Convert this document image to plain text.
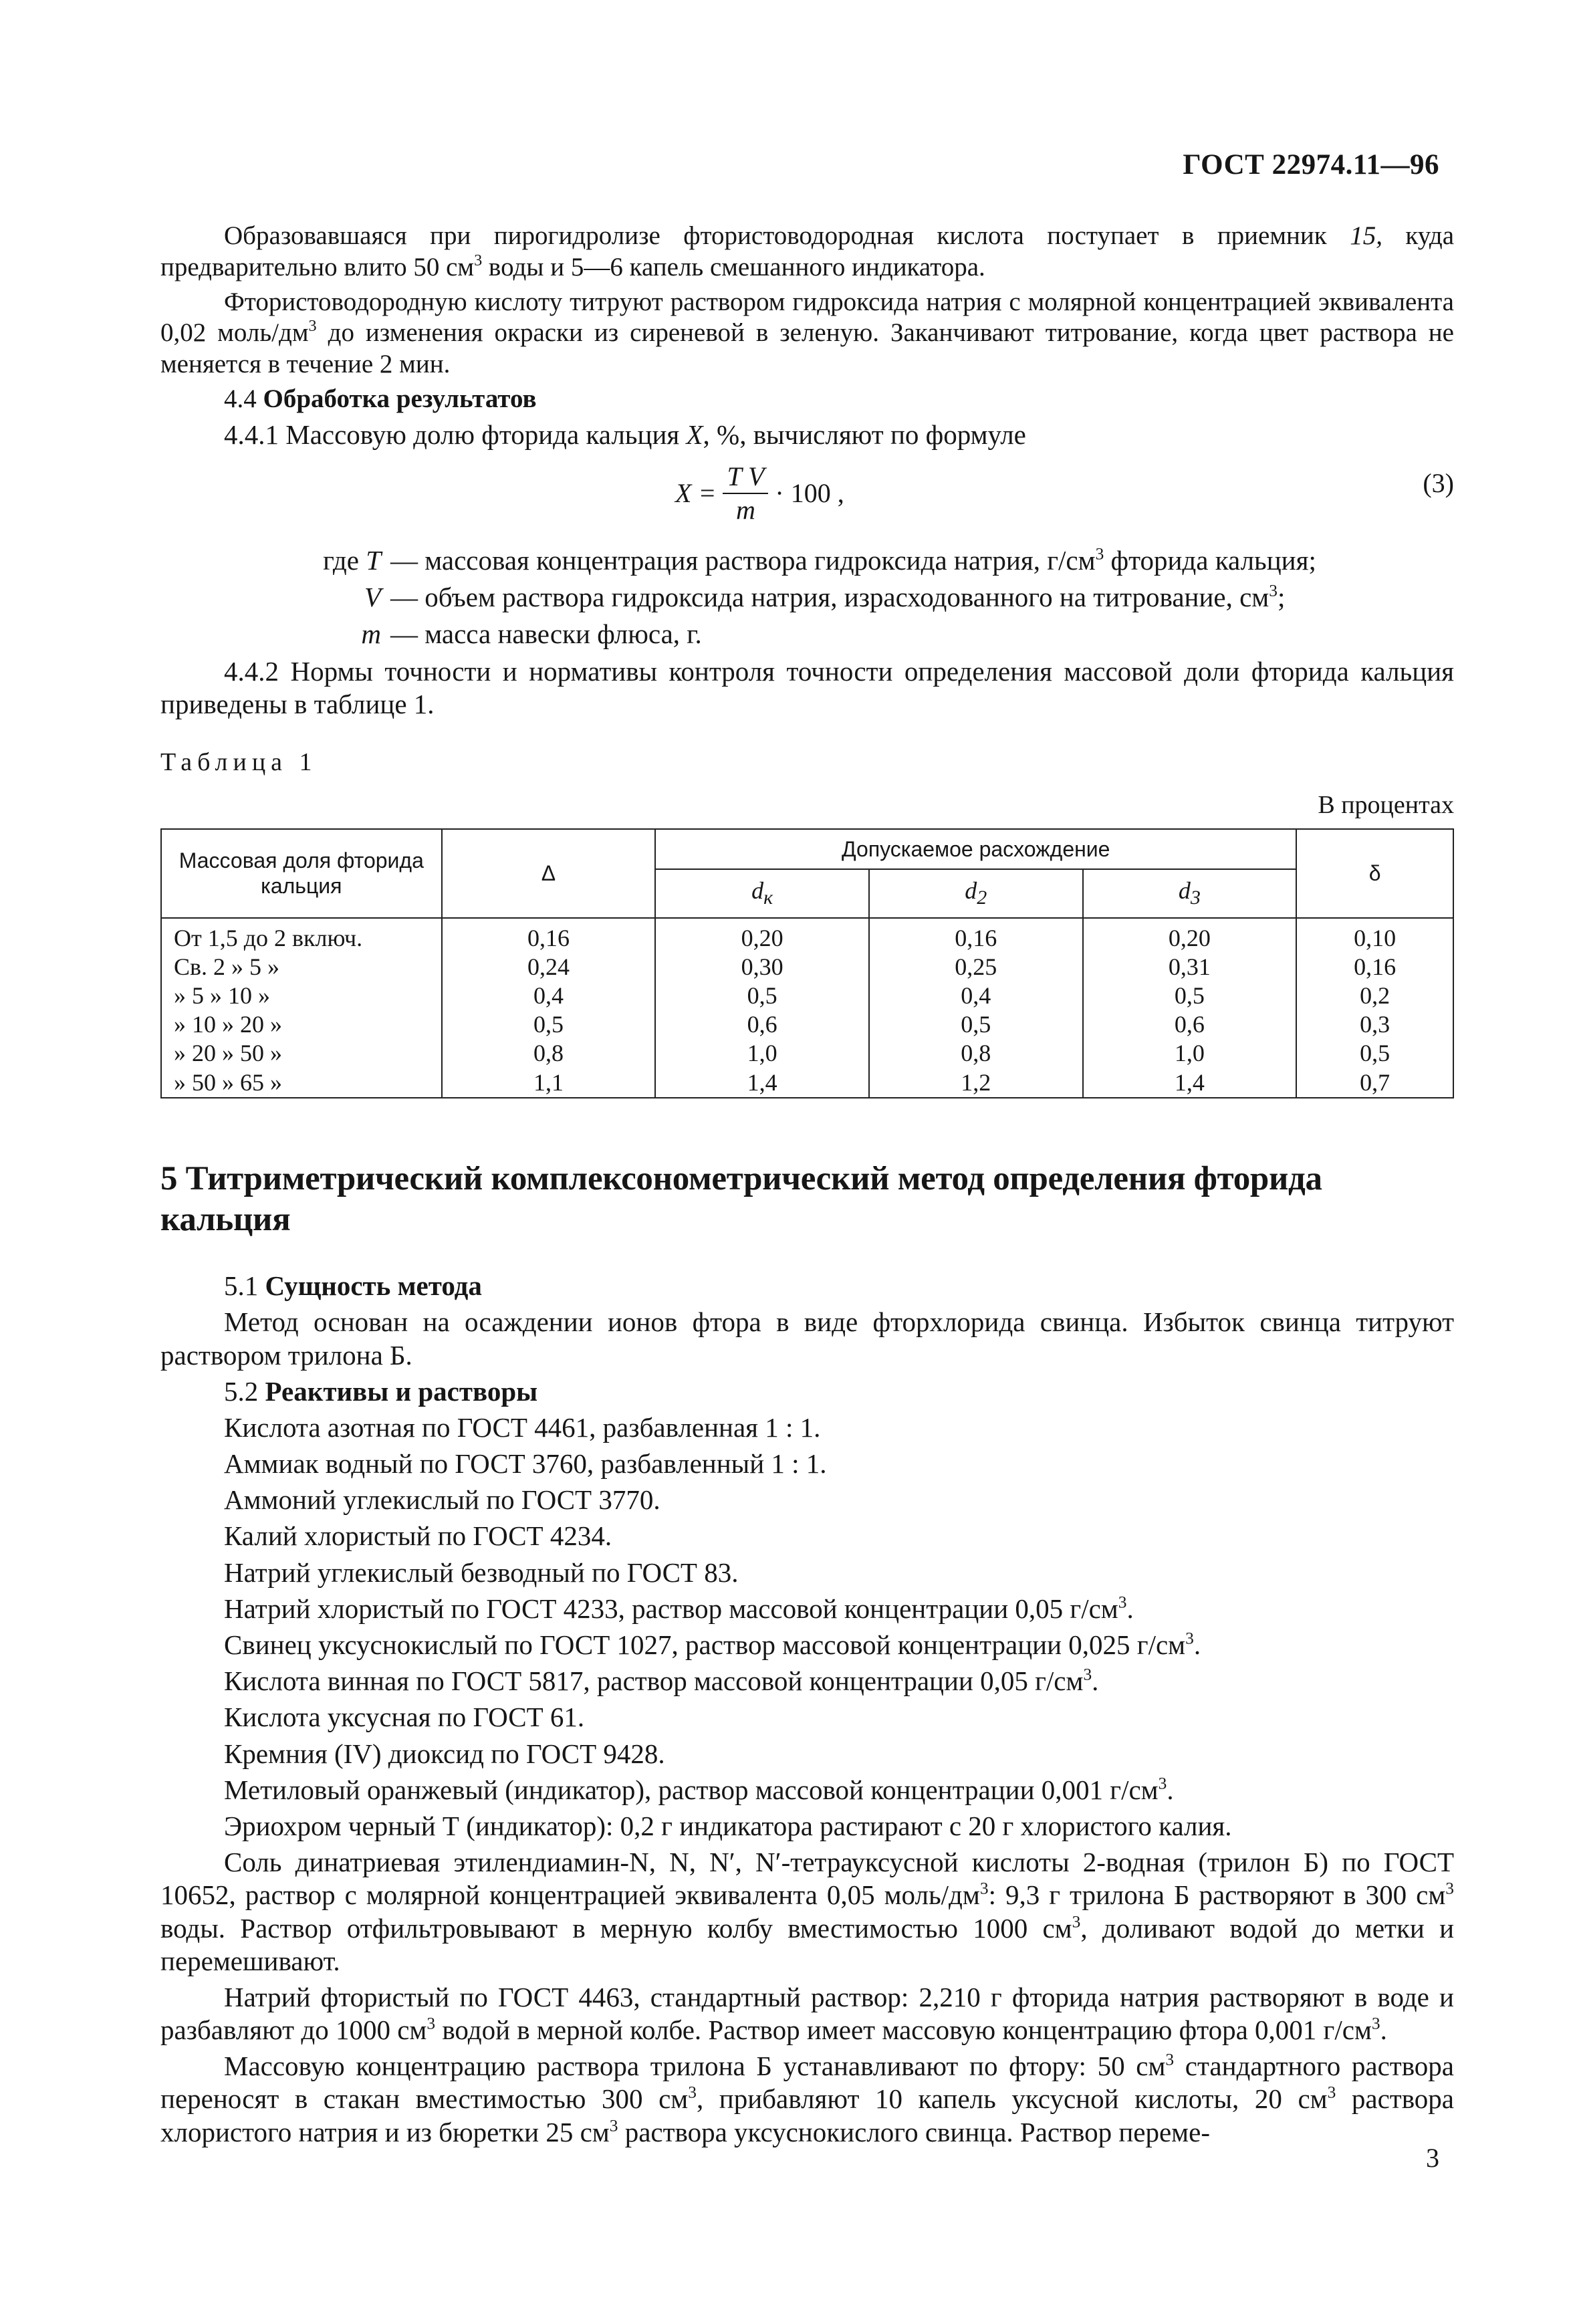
ГОСТ 22974.11—96

Образовавшаяся при пирогидролизе фтористоводородная кислота поступает в приемник 15, куда предварительно влито 50 $см^3$ воды и 5—6 капель смешанного индикатора.

Фтористоводородную кислоту титруют раствором гидроксида натрия с молярной концентрацией эквивалента 0,02 моль/$дм^3$ до изменения окраски из сиреневой в зеленую. Заканчивают титрование, когда цвет раствора не меняется в течение 2 мин.

4.4 Обработка результатов

4.4.1 Массовую долю фторида кальция X, %, вычисляют по формуле

$X = \frac{\text{T V}}{m} \cdot 100$ ,	(3)
где T — массовая концентрация раствора гидроксида натрия, $г/см^3$ фторида кальция;
V — объем раствора гидроксида натрия, израсходованного на титрование, $см^3$;
m — масса навески флюса, г.

4.4.2 Нормы точности и нормативы контроля точности определения массовой доли фторида кальция приведены в таблице 1.

Таблица 1
В процентах
Массовая доля фторида кальция	Δ	Допускаемое расхождение			δ
		$d_к$	$d_2$	$d_3$
От 1,5 до 2 включ.	0,16	0,20	0,16	0,20	0,10
Св. 2 » 5 »	0,24	0,30	0,25	0,31	0,16
» 5 » 10 »	0,4	0,5	0,4	0,5	0,2
» 10 » 20 »	0,5	0,6	0,5	0,6	0,3
» 20 » 50 »	0,8	1,0	0,8	1,0	0,5
» 50 » 65 »	1,1	1,4	1,2	1,4	0,7
5 Титриметрический комплексонометрический метод определения фторида кальция

5.1 Сущность метода

Метод основан на осаждении ионов фтора в виде фторхлорида свинца. Избыток свинца титруют раствором трилона Б.

5.2 Реактивы и растворы

Кислота азотная по ГОСТ 4461, разбавленная 1 : 1.

Аммиак водный по ГОСТ 3760, разбавленный 1 : 1.

Аммоний углекислый по ГОСТ 3770.

Калий хлористый по ГОСТ 4234.

Натрий углекислый безводный по ГОСТ 83.

Натрий хлористый по ГОСТ 4233, раствор массовой концентрации 0,05 $г/см^3$.

Свинец уксуснокислый по ГОСТ 1027, раствор массовой концентрации 0,025 $г/см^3$.

Кислота винная по ГОСТ 5817, раствор массовой концентрации 0,05 $г/см^3$.

Кислота уксусная по ГОСТ 61.

Кремния (IV) диоксид по ГОСТ 9428.

Метиловый оранжевый (индикатор), раствор массовой концентрации 0,001 $г/см^3$.

Эриохром черный Т (индикатор): 0,2 г индикатора растирают с 20 г хлористого калия.

Соль динатриевая этилендиамин-N, N, N′, N′-тетрауксусной кислоты 2-водная (трилон Б) по ГОСТ 10652, раствор с молярной концентрацией эквивалента 0,05 моль/$дм^3$: 9,3 г трилона Б растворяют в 300 $см^3$ воды. Раствор отфильтровывают в мерную колбу вместимостью 1000 $см^3$, доливают водой до метки и перемешивают.

Натрий фтористый по ГОСТ 4463, стандартный раствор: 2,210 г фторида натрия растворяют в воде и разбавляют до 1000 $см^3$ водой в мерной колбе. Раствор имеет массовую концентрацию фтора 0,001 $г/см^3$.

Массовую концентрацию раствора трилона Б устанавливают по фтору: 50 $см^3$ стандартного раствора переносят в стакан вместимостью 300 $см^3$, прибавляют 10 капель уксусной кислоты, 20 $см^3$ раствора хлористого натрия и из бюретки 25 $см^3$ раствора уксуснокислого свинца. Раствор переме-

3
